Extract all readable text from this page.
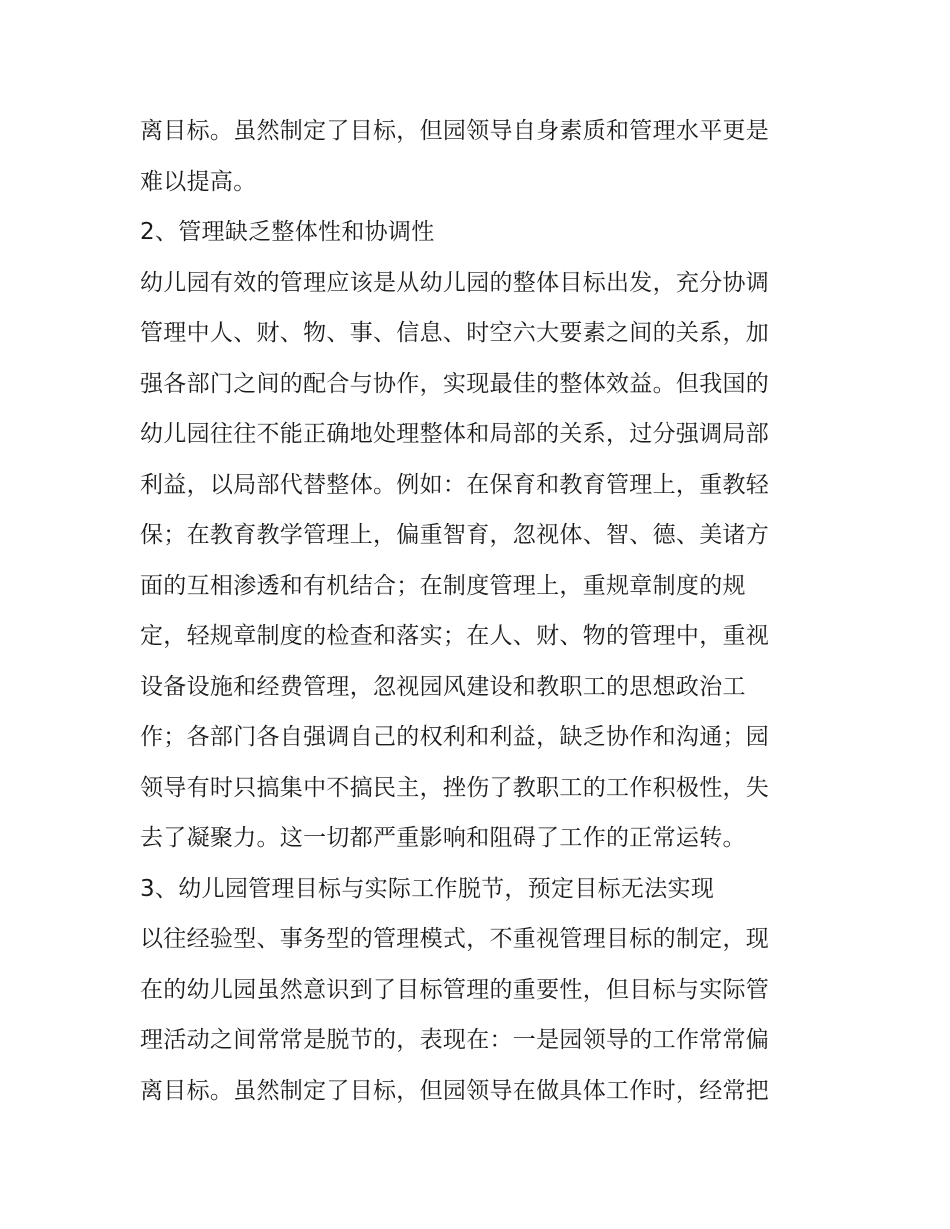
离目标。虽然制定了目标，但园领导自身素质和管理水平更是
难以提高。
2、管理缺乏整体性和协调性
幼儿园有效的管理应该是从幼儿园的整体目标出发，充分协调
管理中人、财、物、事、信息、时空六大要素之间的关系，加
强各部门之间的配合与协作，实现最佳的整体效益。但我国的
幼儿园往往不能正确地处理整体和局部的关系，过分强调局部
利益，以局部代替整体。例如：在保育和教育管理上，重教轻
保；在教育教学管理上，偏重智育，忽视体、智、德、美诸方
面的互相渗透和有机结合；在制度管理上，重规章制度的规
定，轻规章制度的检查和落实；在人、财、物的管理中，重视
设备设施和经费管理，忽视园风建设和教职工的思想政治工
作；各部门各自强调自己的权利和利益，缺乏协作和沟通；园
领导有时只搞集中不搞民主，挫伤了教职工的工作积极性，失
去了凝聚力。这一切都严重影响和阻碍了工作的正常运转。
3、幼儿园管理目标与实际工作脱节，预定目标无法实现
以往经验型、事务型的管理模式，不重视管理目标的制定，现
在的幼儿园虽然意识到了目标管理的重要性，但目标与实际管
理活动之间常常是脱节的，表现在：一是园领导的工作常常偏
离目标。虽然制定了目标，但园领导在做具体工作时，经常把
